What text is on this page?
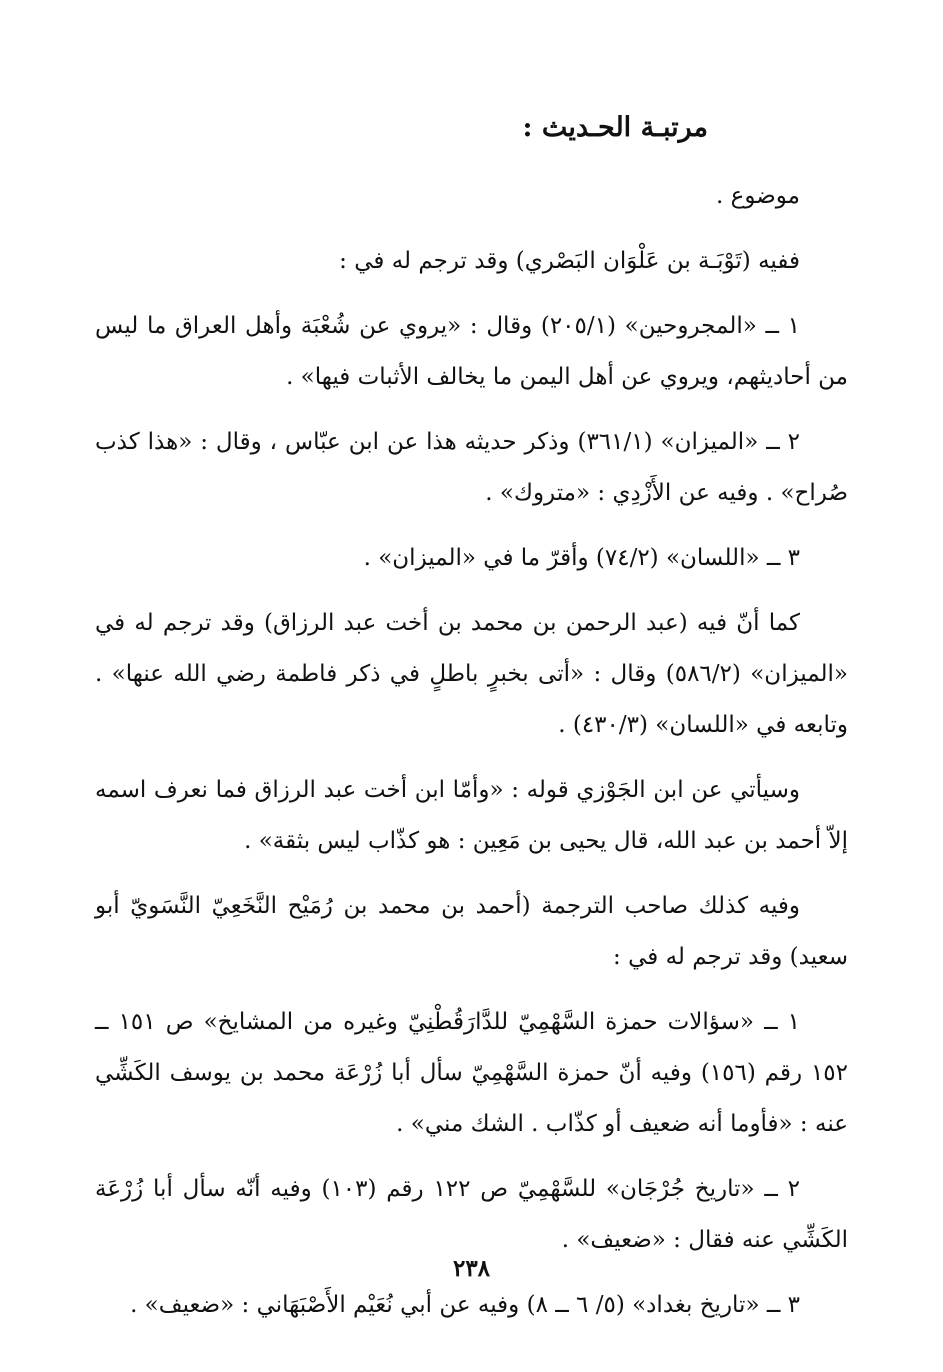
مرتبـة الحـديث :

موضوع .

ففيه (تَوْبَـة بن عَلْوَان البَصْري) وقد ترجم له في :

١ ــ «المجروحين» (٢٠٥/١) وقال : «يروي عن شُعْبَة وأهل العراق ما ليس من أحاديثهم، ويروي عن أهل اليمن ما يخالف الأثبات فيها» .

٢ ــ «الميزان» (٣٦١/١) وذكر حديثه هذا عن ابن عبّاس ، وقال : «هذا كذب صُراح» . وفيه عن الأَزْدِي : «متروك» .

٣ ــ «اللسان» (٧٤/٢) وأقرّ ما في «الميزان» .

كما أنّ فيه (عبد الرحمن بن محمد بن أخت عبد الرزاق) وقد ترجم له في «الميزان» (٥٨٦/٢) وقال : «أتى بخبرٍ باطلٍ في ذكر فاطمة رضي الله عنها» . وتابعه في «اللسان» (٤٣٠/٣) .

وسيأتي عن ابن الجَوْزي قوله : «وأمّا ابن أخت عبد الرزاق فما نعرف اسمه إلاّ أحمد بن عبد الله، قال يحيى بن مَعِين : هو كذّاب ليس بثقة» .

وفيه كذلك صاحب الترجمة (أحمد بن محمد بن رُمَيْح النَّخَعِيّ النَّسَويّ أبو سعيد) وقد ترجم له في :

١ ــ «سؤالات حمزة السَّهْمِيّ للدَّارَقُطْنِيّ وغيره من المشايخ» ص ١٥١ ــ ١٥٢ رقم (١٥٦) وفيه أنّ حمزة السَّهْمِيّ سأل أبا زُرْعَة محمد بن يوسف الكَشِّي عنه : «فأوما أنه ضعيف أو كذّاب . الشك مني» .

٢ ــ «تاريخ جُرْجَان» للسَّهْمِيّ ص ١٢٢ رقم (١٠٣) وفيه أنّه سأل أبا زُرْعَة الكَشِّي عنه فقال : «ضعيف» .

٣ ــ «تاريخ بغداد» (٥/ ٦ ــ ٨) وفيه عن أبي نُعَيْم الأَصْبَهَاني : «ضعيف» .

٢٣٨
